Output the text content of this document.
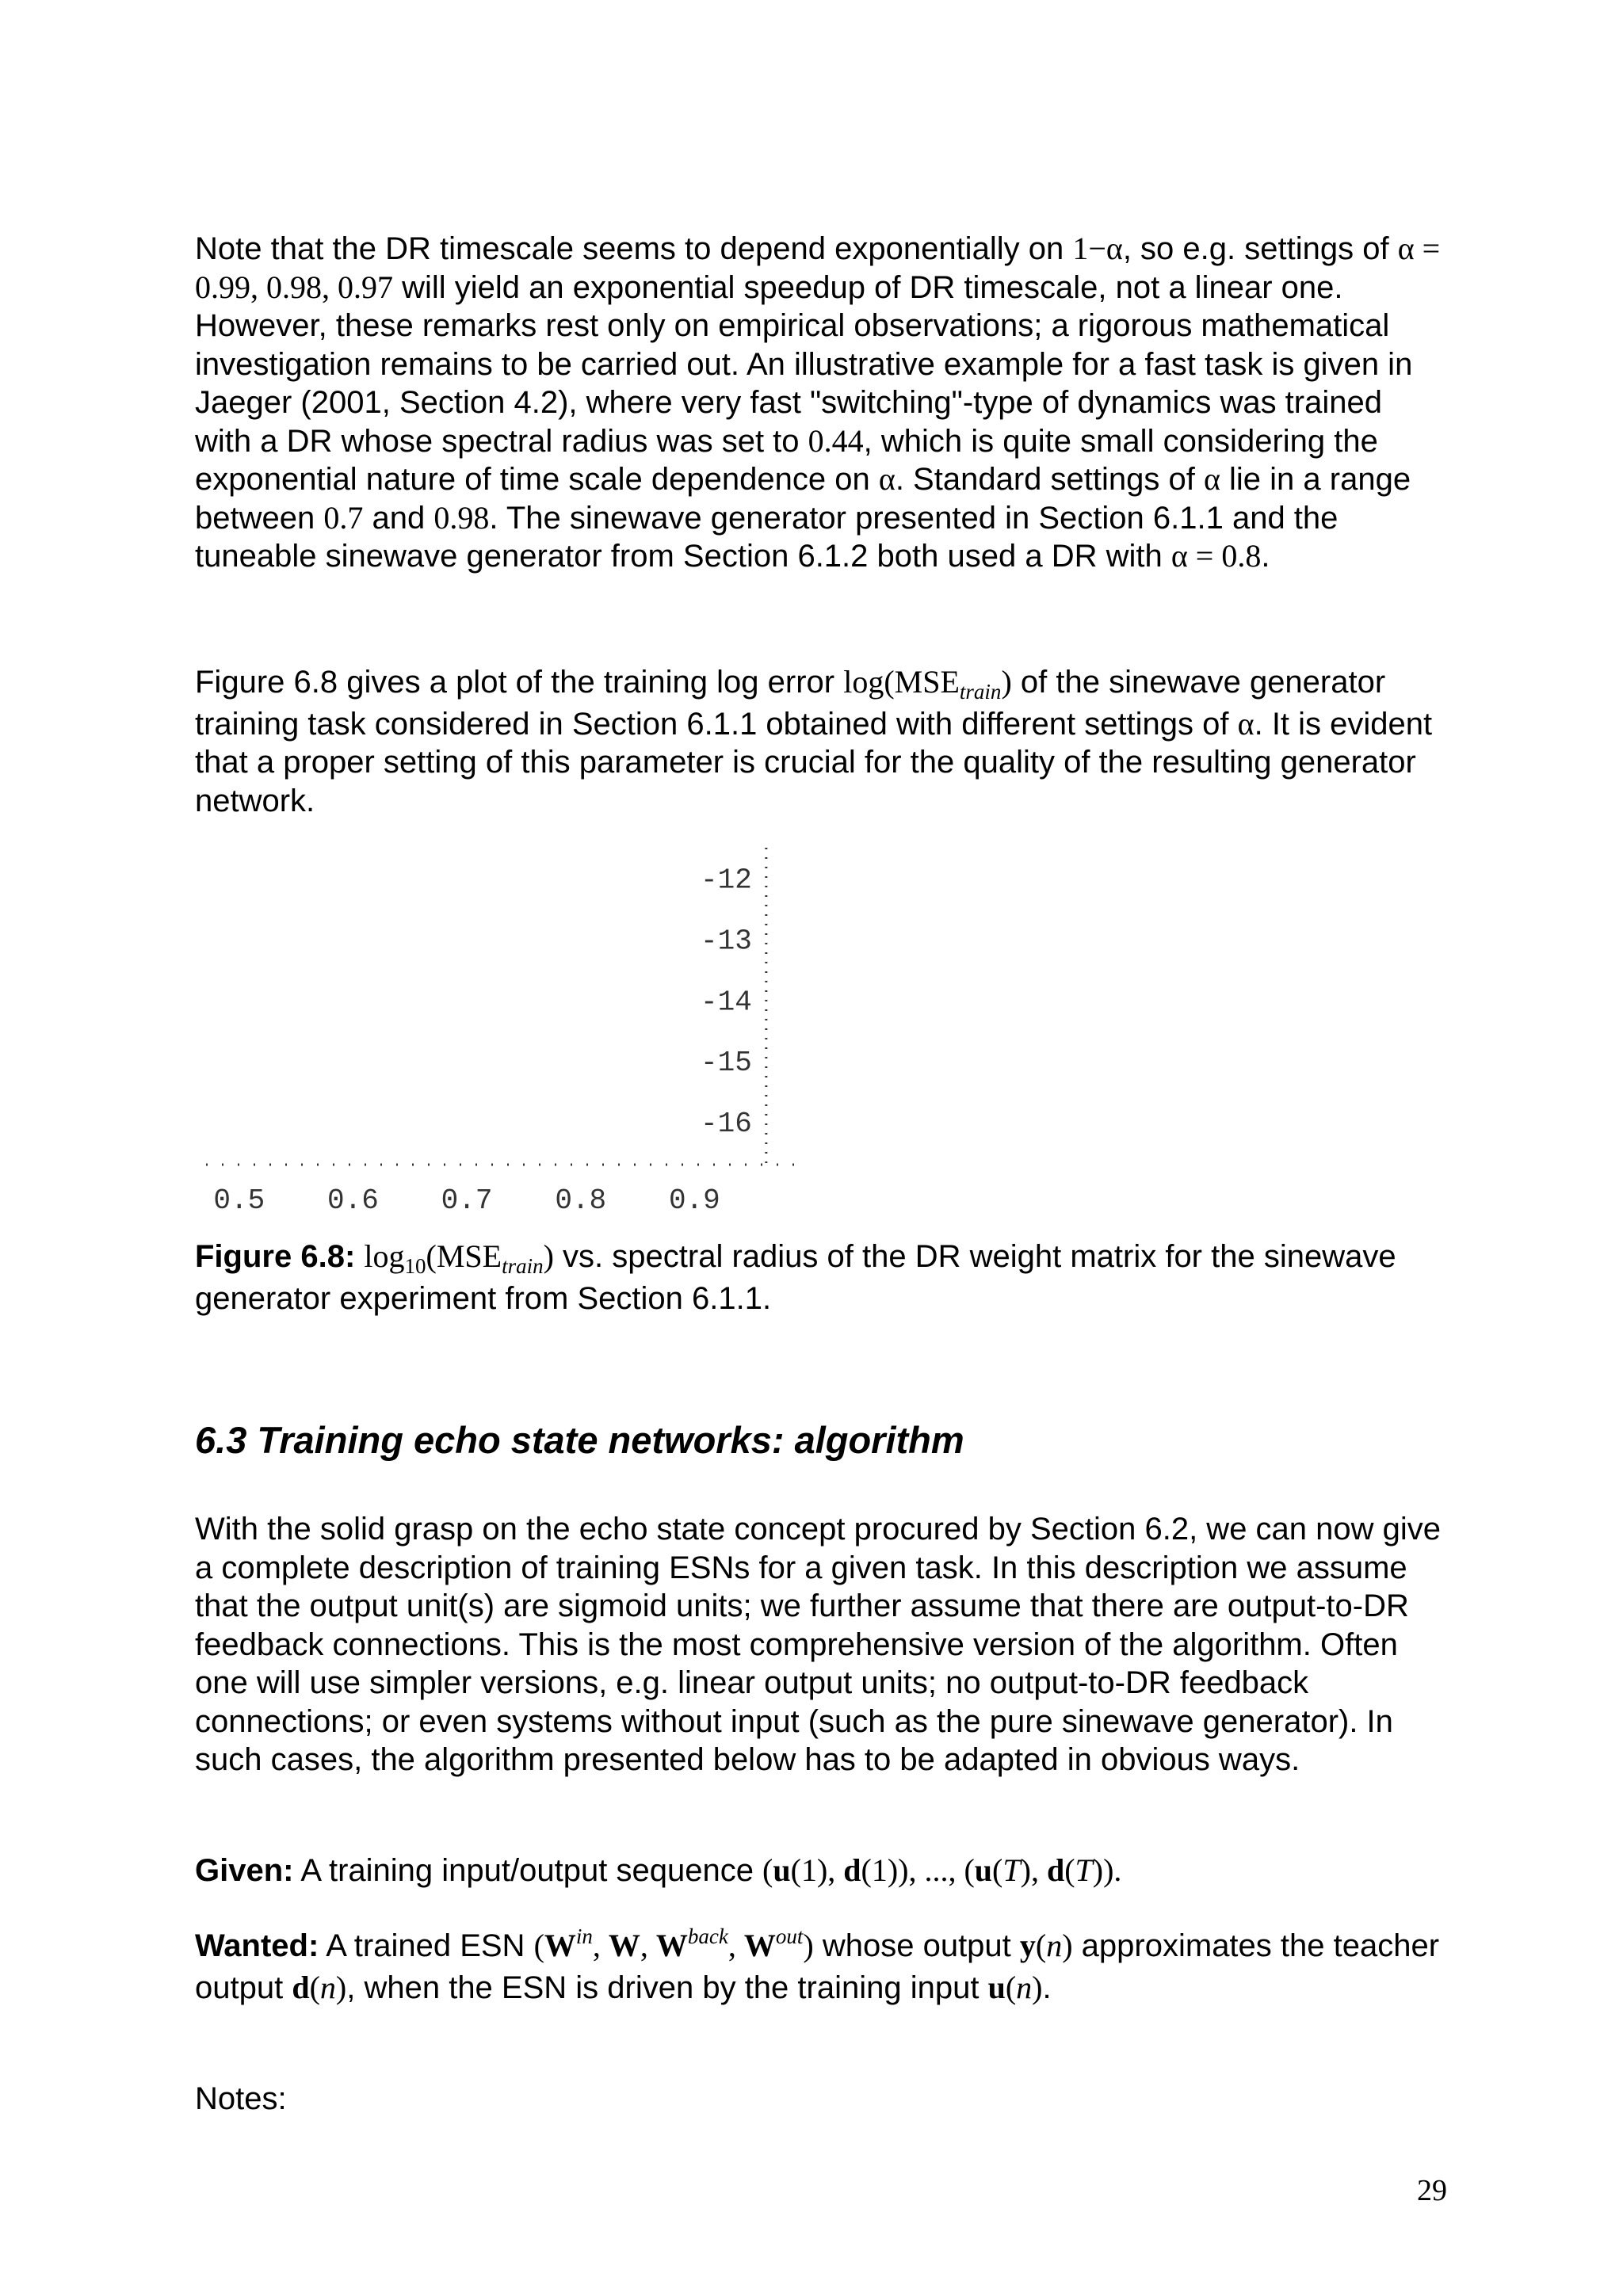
Note that the DR timescale seems to depend exponentially on 1−α, so e.g. settings of α = 0.99, 0.98, 0.97 will yield an exponential speedup of DR timescale, not a linear one. However, these remarks rest only on empirical observations; a rigorous mathematical investigation remains to be carried out. An illustrative example for a fast task is given in Jaeger (2001, Section 4.2), where very fast "switching"-type of dynamics was trained with a DR whose spectral radius was set to 0.44, which is quite small considering the exponential nature of time scale dependence on α. Standard settings of α lie in a range between 0.7 and 0.98. The sinewave generator presented in Section 6.1.1 and the tuneable sinewave generator from Section 6.1.2 both used a DR with α = 0.8.

Figure 6.8 gives a plot of the training log error $\log(MSE_{train})$ of the sinewave generator training task considered in Section 6.1.1 obtained with different settings of α. It is evident that a proper setting of this parameter is crucial for the quality of the resulting generator network.

-12
-13
-14
-15
-16
0.5 0.6 0.7 0.8 0.9

Figure 6.8: $\log_{10}(MSE_{train})$ vs. spectral radius of the DR weight matrix for the sinewave generator experiment from Section 6.1.1.

6.3 Training echo state networks: algorithm

With the solid grasp on the echo state concept procured by Section 6.2, we can now give a complete description of training ESNs for a given task. In this description we assume that the output unit(s) are sigmoid units; we further assume that there are output-to-DR feedback connections. This is the most comprehensive version of the algorithm. Often one will use simpler versions, e.g. linear output units; no output-to-DR feedback connections; or even systems without input (such as the pure sinewave generator). In such cases, the algorithm presented below has to be adapted in obvious ways.

Given: A training input/output sequence (u(1), d(1)), ..., (u(T), d(T)).

Wanted: A trained ESN ($W^{in}$, W, $W^{back}$, $W^{out}$) whose output y(n) approximates the teacher output d(n), when the ESN is driven by the training input u(n).

Notes:

29
